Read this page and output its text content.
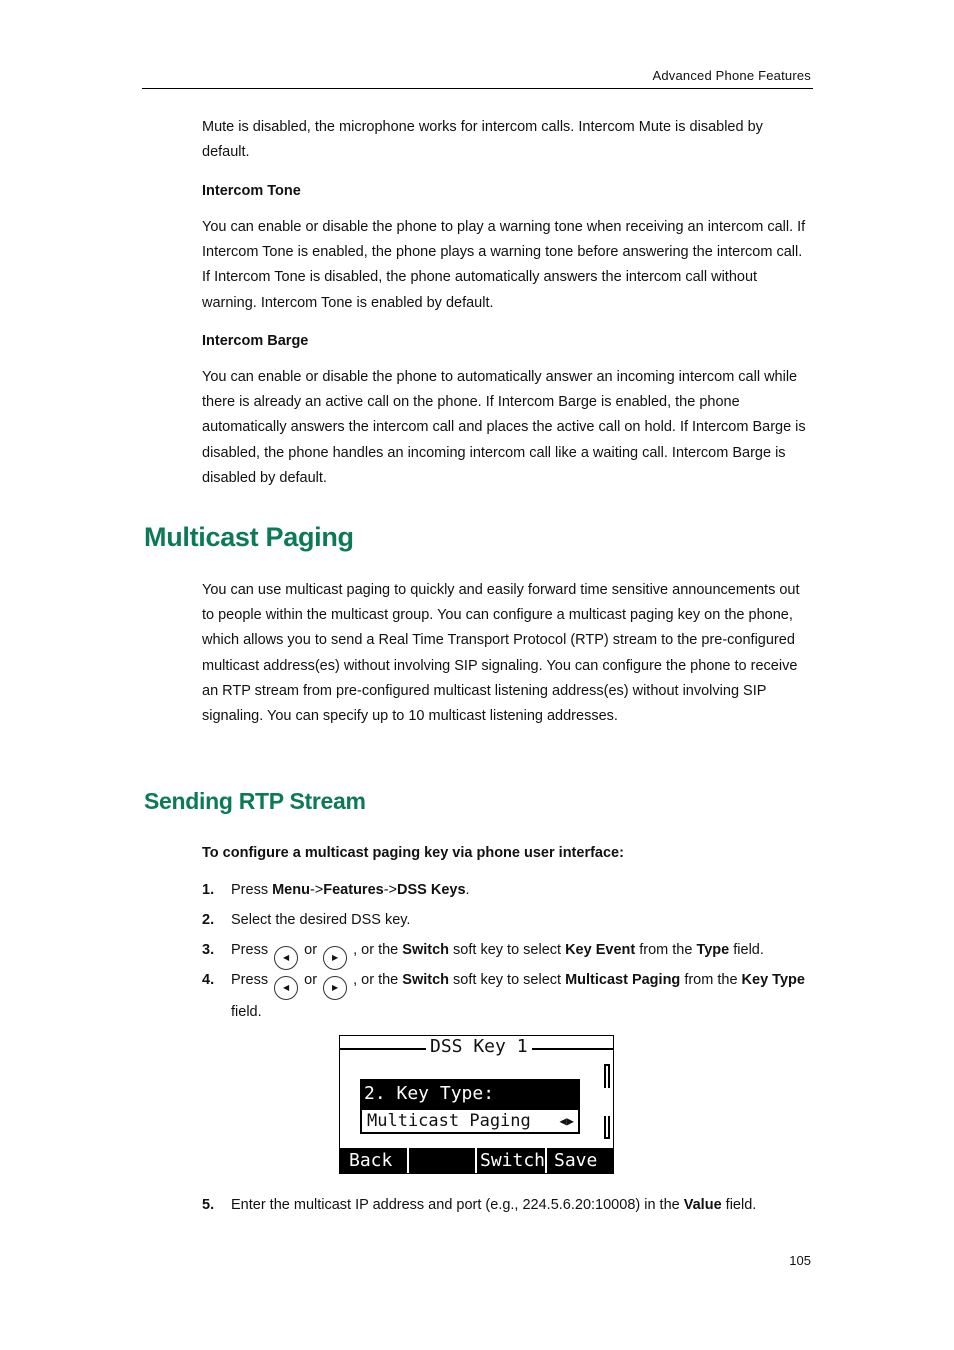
Advanced Phone Features

Mute is disabled, the microphone works for intercom calls. Intercom Mute is disabled by default.

Intercom Tone

You can enable or disable the phone to play a warning tone when receiving an intercom call. If Intercom Tone is enabled, the phone plays a warning tone before answering the intercom call. If Intercom Tone is disabled, the phone automatically answers the intercom call without warning. Intercom Tone is enabled by default.

Intercom Barge

You can enable or disable the phone to automatically answer an incoming intercom call while there is already an active call on the phone. If Intercom Barge is enabled, the phone automatically answers the intercom call and places the active call on hold. If Intercom Barge is disabled, the phone handles an incoming intercom call like a waiting call. Intercom Barge is disabled by default.

Multicast Paging

You can use multicast paging to quickly and easily forward time sensitive announcements out to people within the multicast group. You can configure a multicast paging key on the phone, which allows you to send a Real Time Transport Protocol (RTP) stream to the pre-configured multicast address(es) without involving SIP signaling. You can configure the phone to receive an RTP stream from pre-configured multicast listening address(es) without involving SIP signaling. You can specify up to 10 multicast listening addresses.

Sending RTP Stream
To configure a multicast paging key via phone user interface:
1. Press Menu->Features->DSS Keys.
2. Select the desired DSS key.
3. Press ◀ or ▶ , or the Switch soft key to select Key Event from the Type field.
4. Press ◀ or ▶ , or the Switch soft key to select Multicast Paging from the Key Type field.
DSS Key 1
2. Key Type:
Multicast Paging ◀▶
Back	Switch Save
5. Enter the multicast IP address and port (e.g., 224.5.6.20:10008) in the Value field.
105
